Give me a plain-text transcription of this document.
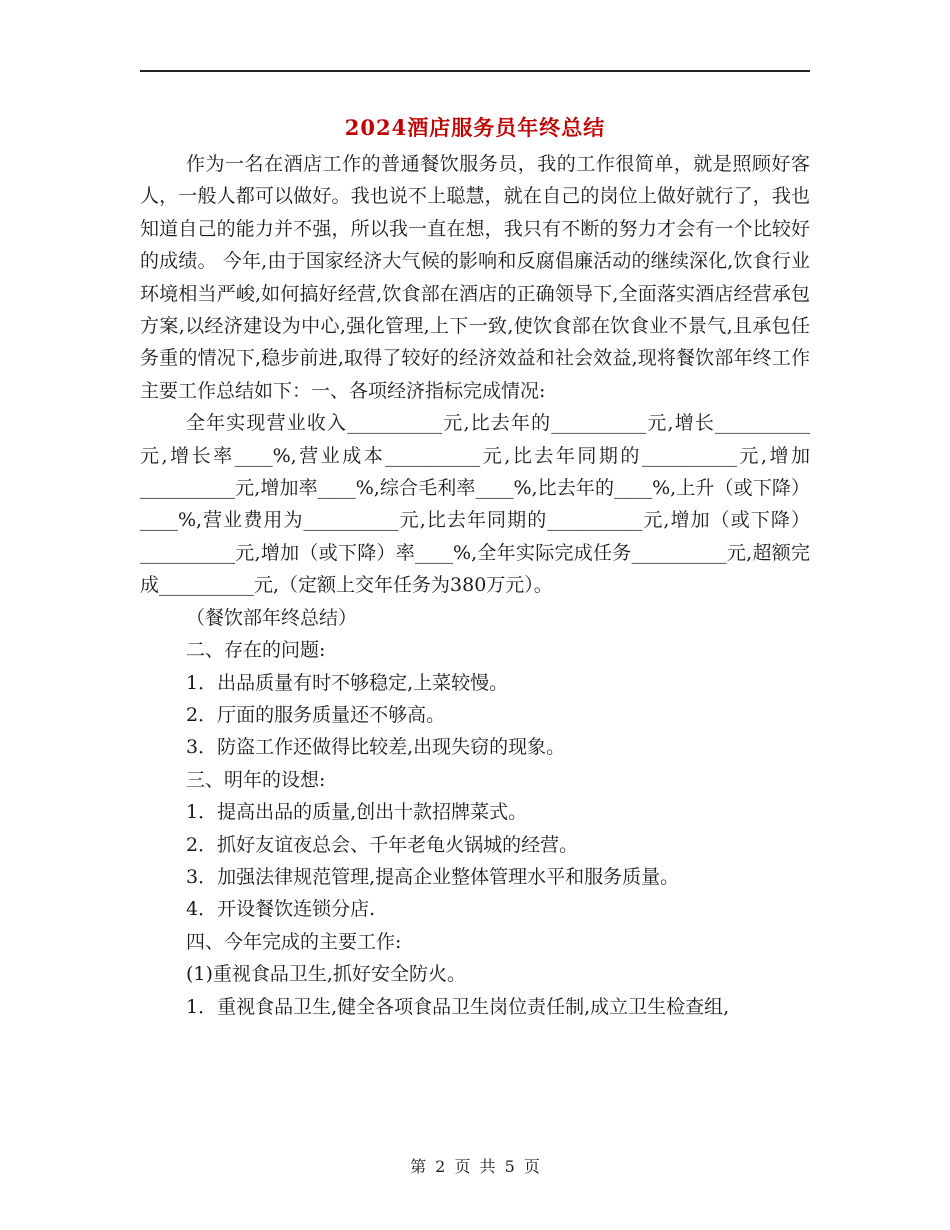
2024酒店服务员年终总结

作为一名在酒店工作的普通餐饮服务员，我的工作很简单，就是照顾好客人，一般人都可以做好。我也说不上聪慧，就在自己的岗位上做好就行了，我也知道自己的能力并不强，所以我一直在想，我只有不断的努力才会有一个比较好的成绩。 今年,由于国家经济大气候的影响和反腐倡廉活动的继续深化,饮食行业环境相当严峻,如何搞好经营,饮食部在酒店的正确领导下,全面落实酒店经营承包方案,以经济建设为中心,强化管理,上下一致,使饮食部在饮食业不景气,且承包任务重的情况下,稳步前进,取得了较好的经济效益和社会效益,现将餐饮部年终工作主要工作总结如下：一、各项经济指标完成情况:

全年实现营业收入__________元,比去年的__________元,增长__________元,增长率____%,营业成本__________元,比去年同期的__________元,增加__________元,增加率____%,综合毛利率____%,比去年的____%,上升（或下降）____%,营业费用为__________元,比去年同期的__________元,增加（或下降）__________元,增加（或下降）率____%,全年实际完成任务__________元,超额完成__________元,（定额上交年任务为380万元）。

（餐饮部年终总结）

二、存在的问题:

1．出品质量有时不够稳定,上菜较慢。

2．厅面的服务质量还不够高。

3．防盗工作还做得比较差,出现失窃的现象。

三、明年的设想:

1．提高出品的质量,创出十款招牌菜式。

2．抓好友谊夜总会、千年老龟火锅城的经营。

3．加强法律规范管理,提高企业整体管理水平和服务质量。

4．开设餐饮连锁分店.

四、今年完成的主要工作:

(1)重视食品卫生,抓好安全防火。

1．重视食品卫生,健全各项食品卫生岗位责任制,成立卫生检查组,

第 2 页 共 5 页
